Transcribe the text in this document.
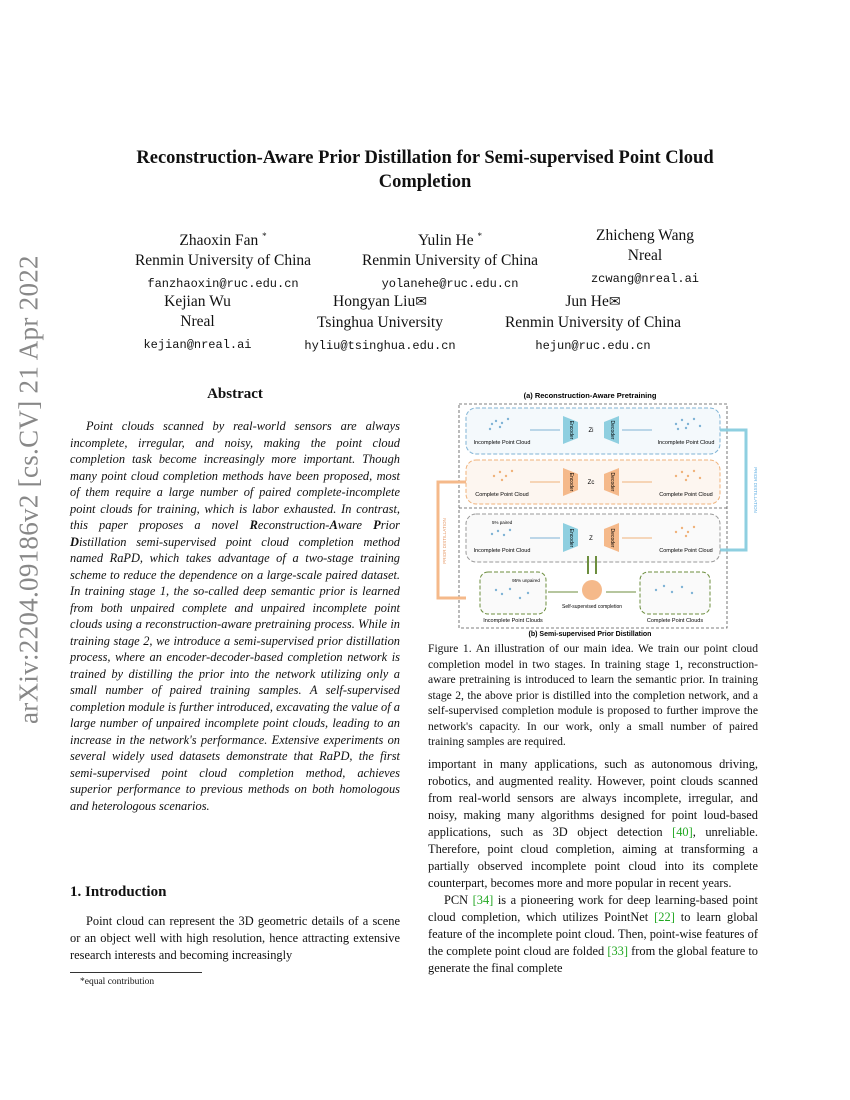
arXiv:2204.09186v2 [cs.CV] 21 Apr 2022
Reconstruction-Aware Prior Distillation for Semi-supervised Point Cloud Completion
Zhaoxin Fan *
Renmin University of China
fanzhaoxin@ruc.edu.cn
Yulin He *
Renmin University of China
yolanehe@ruc.edu.cn
Zhicheng Wang
Nreal
zcwang@nreal.ai
Kejian Wu
Nreal
kejian@nreal.ai
Hongyan Liu✉
Tsinghua University
hyliu@tsinghua.edu.cn
Jun He✉
Renmin University of China
hejun@ruc.edu.cn
Abstract

Point clouds scanned by real-world sensors are always incomplete, irregular, and noisy, making the point cloud completion task become increasingly more important. Though many point cloud completion methods have been proposed, most of them require a large number of paired complete-incomplete point clouds for training, which is labor exhausted. In contrast, this paper proposes a novel Reconstruction-Aware Prior Distillation semi-supervised point cloud completion method named RaPD, which takes advantage of a two-stage training scheme to reduce the dependence on a large-scale paired dataset. In training stage 1, the so-called deep semantic prior is learned from both unpaired complete and unpaired incomplete point clouds using a reconstruction-aware pretraining process. While in training stage 2, we introduce a semi-supervised prior distillation process, where an encoder-decoder-based completion network is trained by distilling the prior into the network utilizing only a small number of paired training samples. A self-supervised completion module is further introduced, excavating the value of a large number of unpaired incomplete point clouds, leading to an increase in the network's performance. Extensive experiments on several widely used datasets demonstrate that RaPD, the first semi-supervised point cloud completion method, achieves superior performance to previous methods on both homologous and heterologous scenarios.

1. Introduction

Point cloud can represent the 3D geometric details of a scene or an object well with high resolution, hence attracting extensive research interests and becoming increasingly

*equal contribution
(a) Reconstruction-Aware Pretraining
Incomplete Point Cloud
Encoder Zi	Decoder
Incomplete Point Cloud
Complete Point Cloud
Encoder Zc	Decoder
Complete Point Cloud
PRIOR DISTILLATION
PRIOR DISTILLATION
5% paired
Incomplete Point Cloud
Encoder	Z	Decoder
Complete Point Cloud
95% unpaired
Incomplete Point Clouds
Self-supervised completion
Complete Point Clouds
(b) Semi-supervised Prior Distillation
Figure 1. An illustration of our main idea. We train our point cloud completion model in two stages. In training stage 1, reconstruction-aware pretraining is introduced to learn the semantic prior. In training stage 2, the above prior is distilled into the completion network, and a self-supervised completion module is proposed to further improve the network's capacity. In our work, only a small number of paired training samples are required.

important in many applications, such as autonomous driving, robotics, and augmented reality. However, point clouds scanned from real-world sensors are always incomplete, irregular, and noisy, making many algorithms designed for point loud-based applications, such as 3D object detection [40], unreliable. Therefore, point cloud completion, aiming at transforming a partially observed incomplete point cloud into its complete counterpart, becomes more and more popular in recent years.

PCN [34] is a pioneering work for deep learning-based point cloud completion, which utilizes PointNet [22] to learn global feature of the incomplete point cloud. Then, point-wise features of the complete point cloud are folded [33] from the global feature to generate the final complete
